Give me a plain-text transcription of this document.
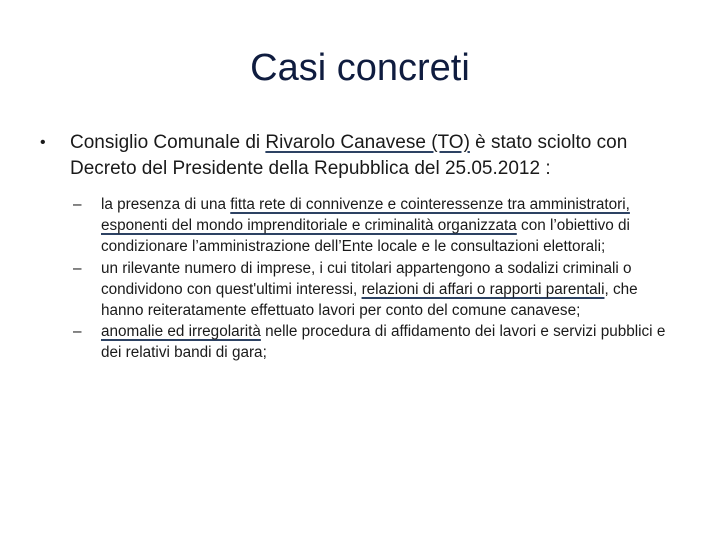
Casi concreti
• Consiglio Comunale di Rivarolo Canavese (TO) è stato sciolto con Decreto del Presidente della Repubblica del 25.05.2012 :
– la presenza di una fitta rete di connivenze e cointeressenze tra amministratori, esponenti del mondo imprenditoriale e criminalità organizzata con l’obiettivo di condizionare l’amministrazione dell’Ente locale e le consultazioni elettorali;
– un rilevante numero di imprese, i cui titolari appartengono a sodalizi criminali o condividono con quest'ultimi interessi, relazioni di affari o rapporti parentali, che hanno reiteratamente effettuato lavori per conto del comune canavese;
– anomalie ed irregolarità nelle procedura di affidamento dei lavori e servizi pubblici e dei relativi bandi di gara;
